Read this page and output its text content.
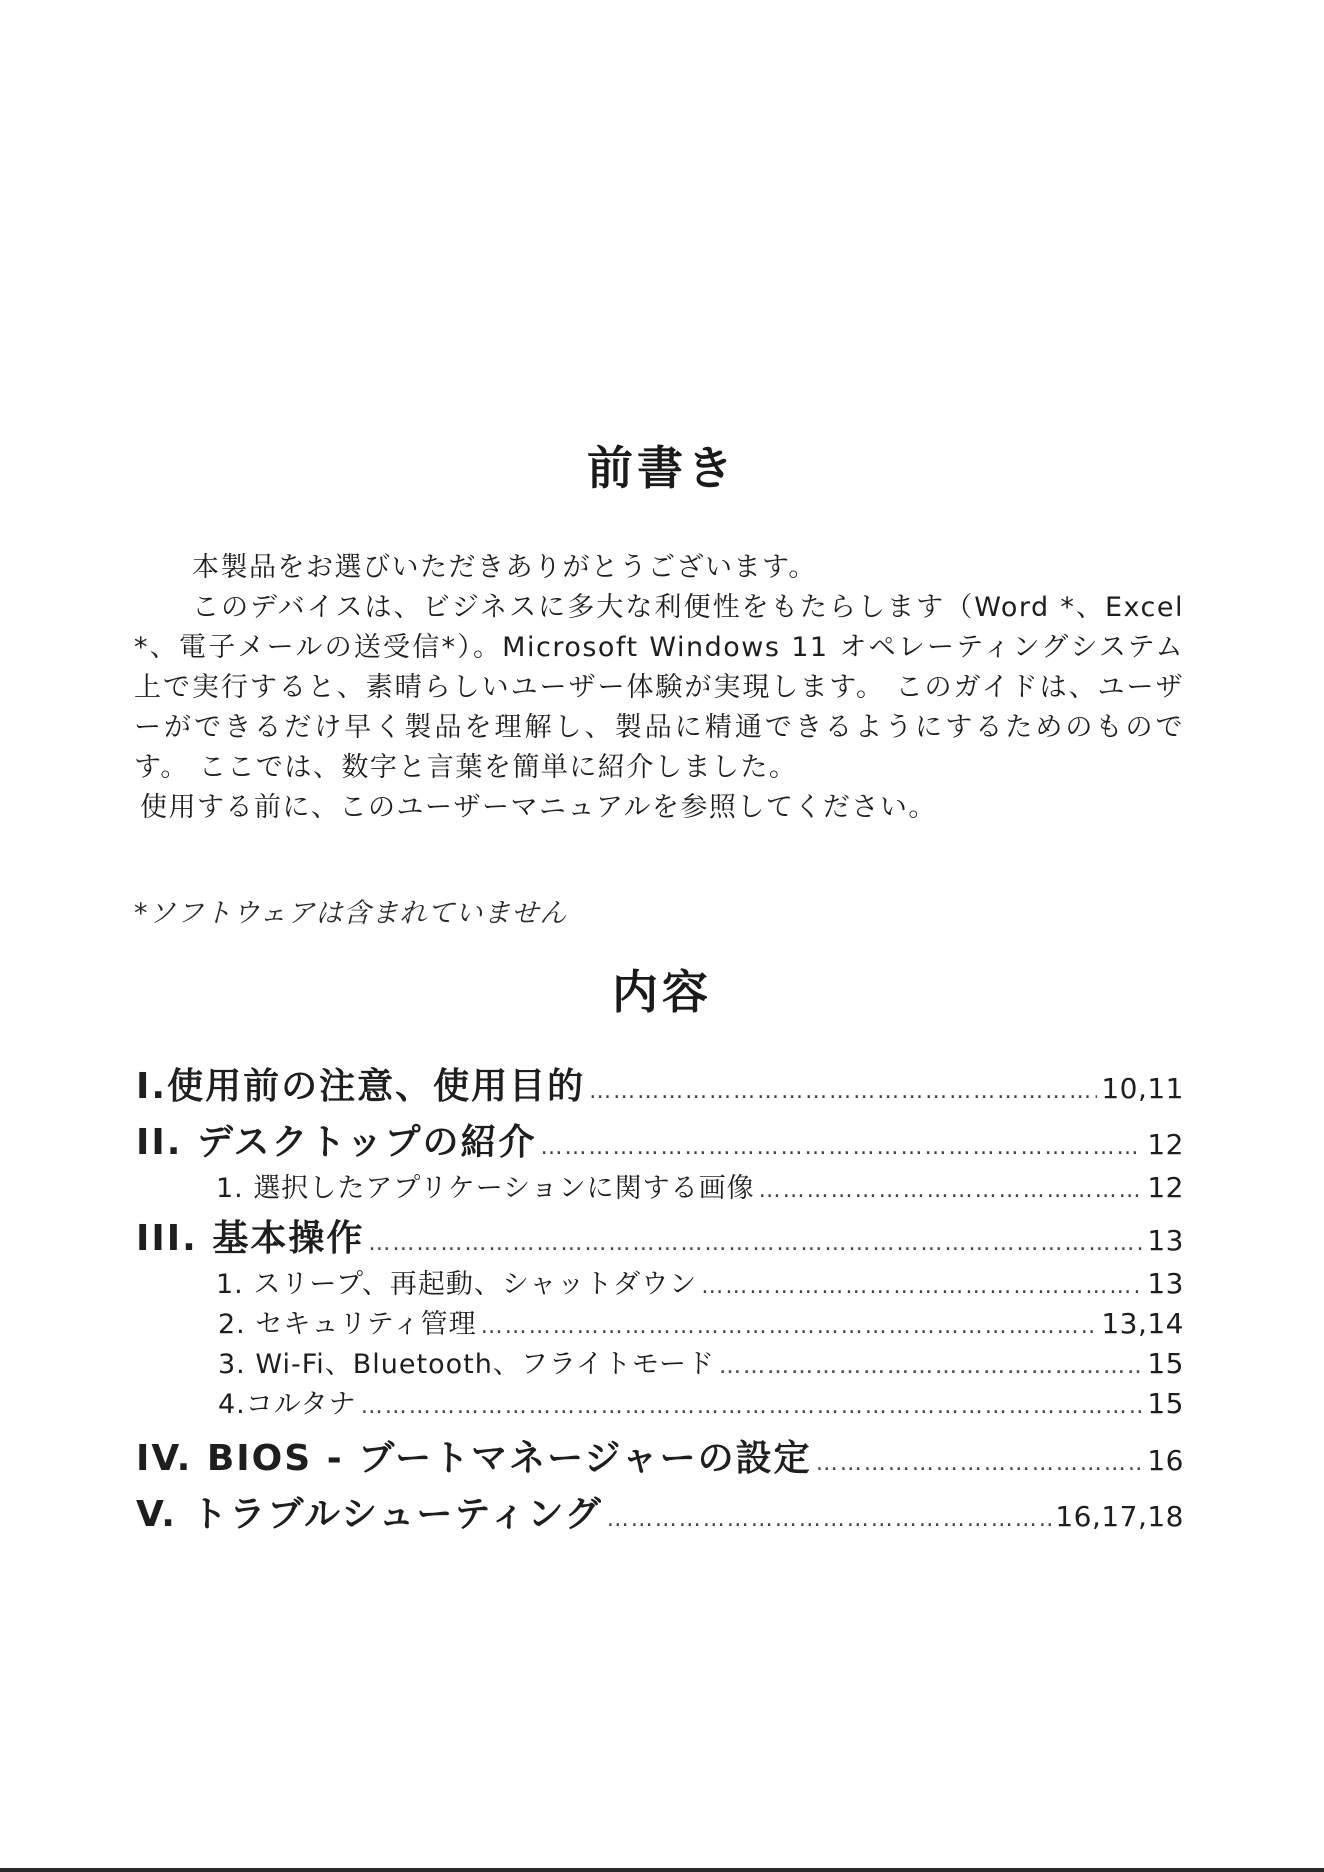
前書き

本製品をお選びいただきありがとうございます。

このデバイスは、ビジネスに多大な利便性をもたらします（Word *、Excel *、電子メールの送受信*）。Microsoft Windows 11 オペレーティングシステム上で実行すると、素晴らしいユーザー体験が実現します。 このガイドは、ユーザーができるだけ早く製品を理解し、製品に精通できるようにするためのものです。 ここでは、数字と言葉を簡単に紹介しました。

使用する前に、このユーザーマニュアルを参照してください。

*ソフトウェアは含まれていません
内容
I.使用前の注意、使用目的 ………………………………………………………………………………………………………………………………………………………………	10,11
II. デスクトップの紹介 ………………………………………………………………………………………………………………………………………………………………	12
1. 選択したアプリケーションに関する画像 ………………………………………………………………………………………………………………………………………………………………	12
III. 基本操作 ………………………………………………………………………………………………………………………………………………………………	13
1. スリープ、再起動、シャットダウン ………………………………………………………………………………………………………………………………………………………………	13
2. セキュリティ管理 ………………………………………………………………………………………………………………………………………………………………	13,14
3. Wi-Fi、Bluetooth、フライトモード ………………………………………………………………………………………………………………………………………………………………	15
4.コルタナ ………………………………………………………………………………………………………………………………………………………………	15
IV. BIOS - ブートマネージャーの設定 ………………………………………………………………………………………………………………………………………………………………	16
V. トラブルシューティング ………………………………………………………………………………………………………………………………………………………………	16,17,18
